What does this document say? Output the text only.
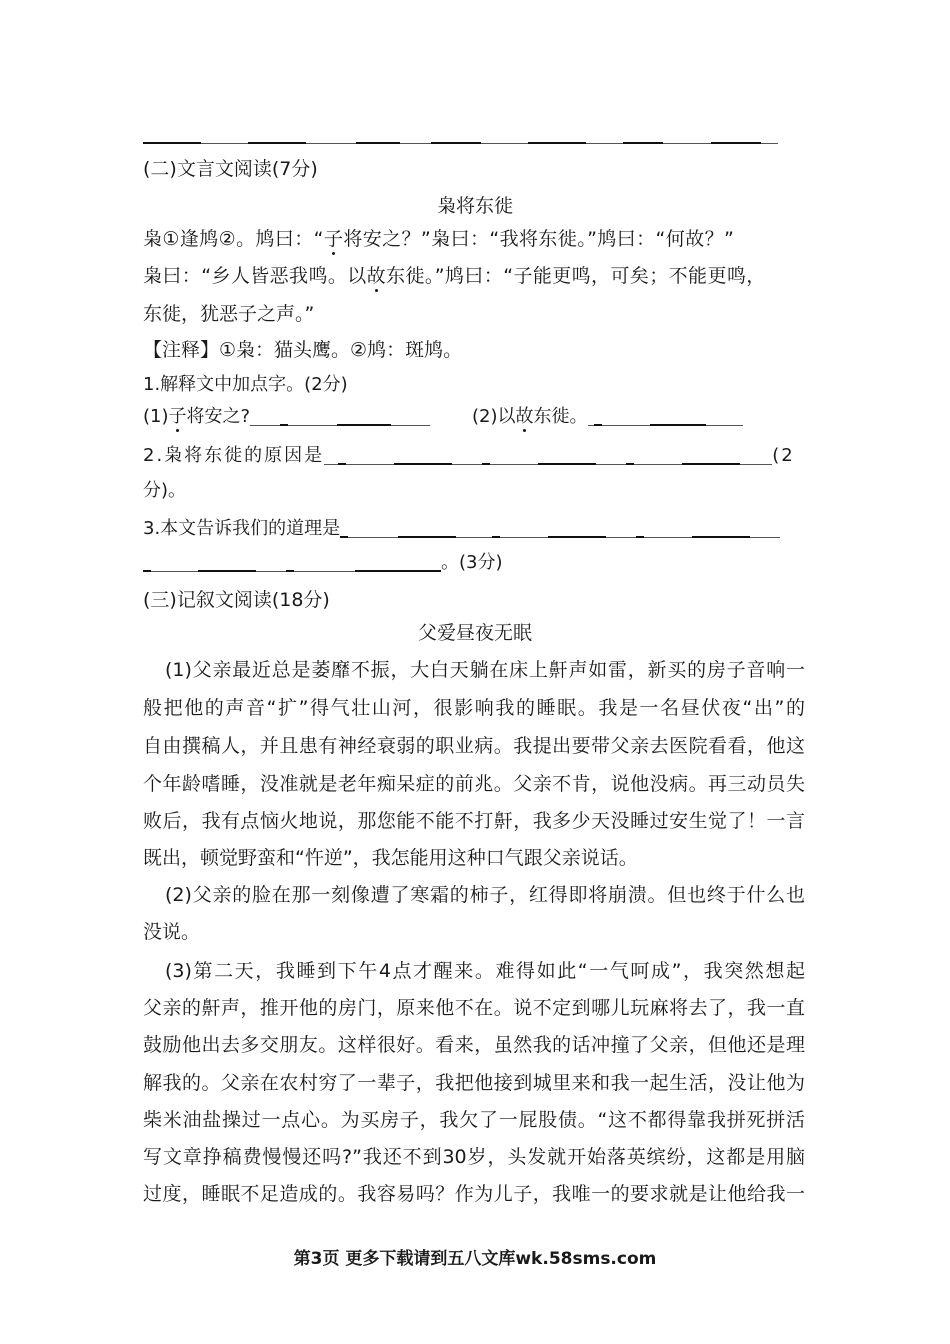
(二)文言文阅读(7分)
枭将东徙
枭①逢鸠②。鸠曰：“子将安之？”枭曰：“我将东徙。”鸠曰：“何故？”
枭曰：“乡人皆恶我鸣。以故东徙。”鸠曰：“子能更鸣，可矣；不能更鸣，
东徙，犹恶子之声。”
【注释】①枭：猫头鹰。②鸠：斑鸠。
1.解释文中加点字。(2分)
(1)子将安之?	(2)以故东徙。
2.枭将东徙的原因是	(2
分)。
3.本文告诉我们的道理是
。(3分)
(三)记叙文阅读(18分)
父爱昼夜无眠
(1)父亲最近总是萎靡不振，大白天躺在床上鼾声如雷，新买的房子音响一
般把他的声音“扩”得气壮山河，很影响我的睡眠。我是一名昼伏夜“出”的
自由撰稿人，并且患有神经衰弱的职业病。我提出要带父亲去医院看看，他这
个年龄嗜睡，没准就是老年痴呆症的前兆。父亲不肯，说他没病。再三动员失
败后，我有点恼火地说，那您能不能不打鼾，我多少天没睡过安生觉了！一言
既出，顿觉野蛮和“忤逆”，我怎能用这种口气跟父亲说话。
(2)父亲的脸在那一刻像遭了寒霜的柿子，红得即将崩溃。但也终于什么也
没说。
(3)第二天，我睡到下午4点才醒来。难得如此“一气呵成”，我突然想起
父亲的鼾声，推开他的房门，原来他不在。说不定到哪儿玩麻将去了，我一直
鼓励他出去多交朋友。这样很好。看来，虽然我的话冲撞了父亲，但他还是理
解我的。父亲在农村穷了一辈子，我把他接到城里来和我一起生活，没让他为
柴米油盐操过一点心。为买房子，我欠了一屁股债。“这不都得靠我拼死拼活
写文章挣稿费慢慢还吗?”我还不到30岁，头发就开始落英缤纷，这都是用脑
过度，睡眠不足造成的。我容易吗？作为儿子，我唯一的要求就是让他给我一
第3页 更多下载请到五八文库wk.58sms.com
